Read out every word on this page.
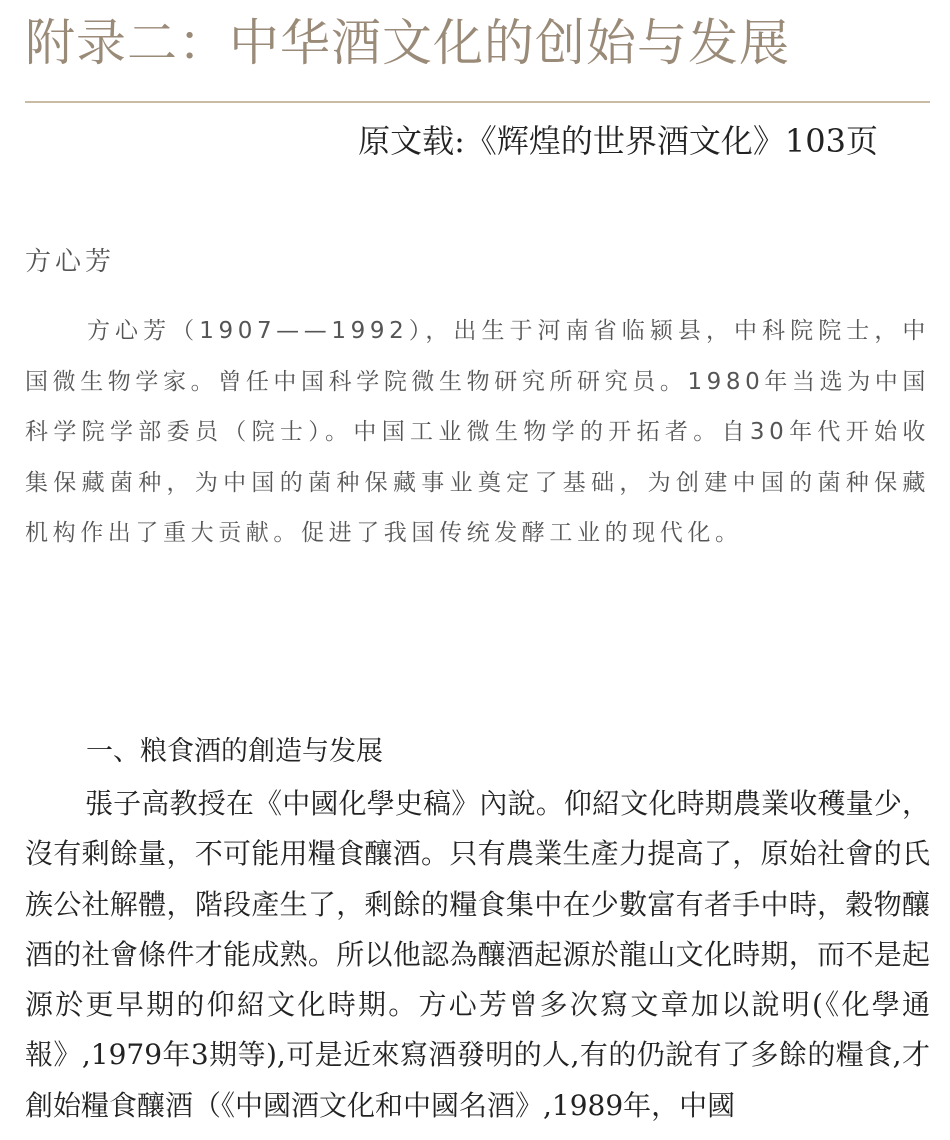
附录二：中华酒文化的创始与发展
原文载:《辉煌的世界酒文化》103页
方心芳

方心芳（1907——1992），出生于河南省临颍县，中科院院士，中国微生物学家。曾任中国科学院微生物研究所研究员。1980年当选为中国科学院学部委员（院士）。中国工业微生物学的开拓者。自30年代开始收集保藏菌种，为中国的菌种保藏事业奠定了基础，为创建中国的菌种保藏机构作出了重大贡献。促进了我国传统发酵工业的现代化。

一、粮食酒的創造与发展

張子高教授在《中國化學史稿》內說。仰紹文化時期農業收穫量少，沒有剩餘量，不可能用糧食釀酒。只有農業生產力提高了，原始社會的氏族公社解體，階段產生了，剩餘的糧食集中在少數富有者手中時，穀物釀酒的社會條件才能成熟。所以他認為釀酒起源於龍山文化時期，而不是起源於更早期的仰紹文化時期。方心芳曾多次寫文章加以說明(《化學通報》,1979年3期等),可是近來寫酒發明的人,有的仍說有了多餘的糧食,才創始糧食釀酒（《中國酒文化和中國名酒》,1989年，中國
